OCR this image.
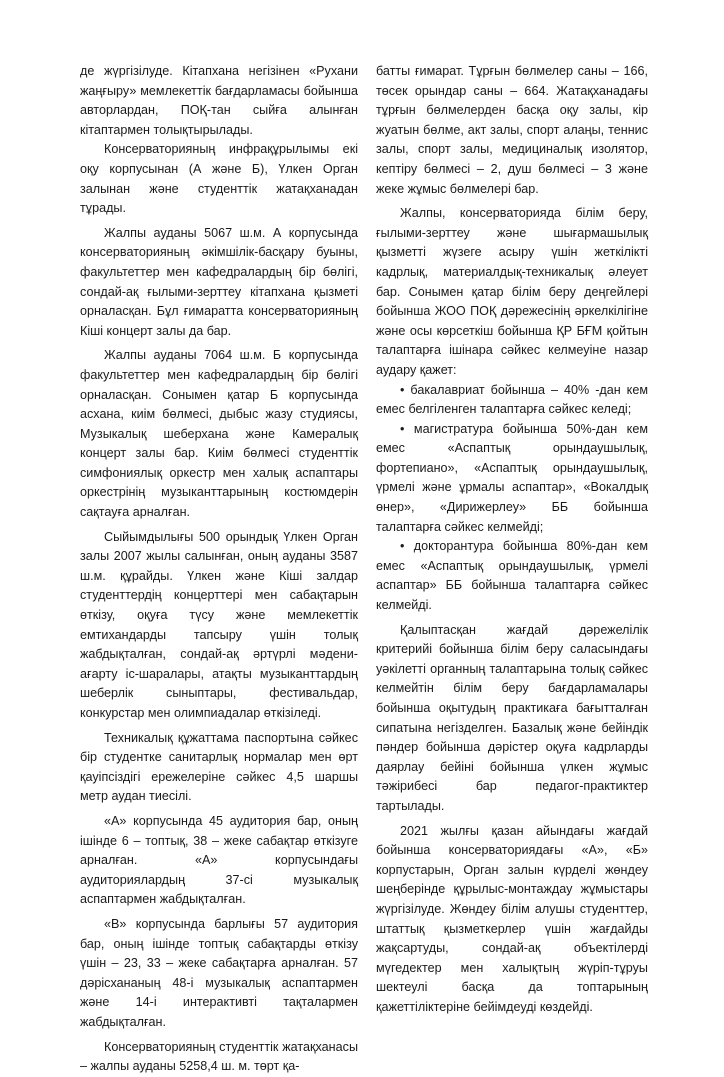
де жүргізілуде. Кітапхана негізінен «Рухани жаңғыру» мемлекеттік бағдарламасы бойынша авторлардан, ПОҚ-тан сыйға алынған кітаптармен толықтырылады.

Консерваторияның инфрақұрылымы екі оқу корпусынан (А және Б), Үлкен Орган залынан және студенттік жатақханадан тұрады.

Жалпы ауданы 5067 ш.м. А корпусында консерваторияның әкімшілік-басқару буыны, факультеттер мен кафедралардың бір бөлігі, сондай-ақ ғылыми-зерттеу кітапхана қызметі орналасқан. Бұл ғимаратта консерваторияның Кіші концерт залы да бар.

Жалпы ауданы 7064 ш.м. Б корпусында факультеттер мен кафедралардың бір бөлігі орналасқан. Сонымен қатар Б корпусында асхана, киім бөлмесі, дыбыс жазу студиясы, Музыкалық шеберхана және Камералық концерт залы бар. Киім бөлмесі студенттік симфониялық оркестр мен халық аспаптары оркестрінің музыканттарының костюмдерін сақтауға арналған.

Сыйымдылығы 500 орындық Үлкен Орган залы 2007 жылы салынған, оның ауданы 3587 ш.м. құрайды. Үлкен және Кіші залдар студенттердің концерттері мен сабақтарын өткізу, оқуға түсу және мемлекеттік емтихандарды тапсыру үшін толық жабдықталған, сондай-ақ әртүрлі мәдени-ағарту іс-шаралары, атақты музыканттардың шеберлік сыныптары, фестивальдар, конкурстар мен олимпиадалар өткізіледі.

Техникалық құжаттама паспортына сәйкес бір студентке санитарлық нормалар мен өрт қауіпсіздігі ережелеріне сәйкес 4,5 шаршы метр аудан тиесілі.

«А» корпусында 45 аудитория бар, оның ішінде 6 – топтық, 38 – жеке сабақтар өткізуге арналған. «А» корпусындағы аудиториялардың 37-сі музыкалық аспаптармен жабдықталған.

«В» корпусында барлығы 57 аудитория бар, оның ішінде топтық сабақтарды өткізу үшін – 23, 33 – жеке сабақтарға арналған. 57 дәрісхананың 48-і музыкалық аспаптармен және 14-і интерактивті тақталармен жабдықталған.

Консерваторияның студенттік жатақханасы – жалпы ауданы 5258,4 ш. м. төрт қа-

батты ғимарат. Тұрғын бөлмелер саны – 166, төсек орындар саны – 664. Жатақханадағы тұрғын бөлмелерден басқа оқу залы, кір жуатын бөлме, акт залы, спорт алаңы, теннис залы, спорт залы, медициналық изолятор, кептіру бөлмесі – 2, душ бөлмесі – 3 және жеке жұмыс бөлмелері бар.

Жалпы, консерваторияда білім беру, ғылыми-зерттеу және шығармашылық қызметті жүзеге асыру үшін жеткілікті кадрлық, материалдық-техникалық әлеует бар. Сонымен қатар білім беру деңгейлері бойынша ЖОО ПОҚ дәрежесінің әркелкілігіне және осы көрсеткіш бойынша ҚР БҒМ қойтын талаптарға ішінара сәйкес келмеуіне назар аудару қажет:

• бакалавриат бойынша – 40% -дан кем емес белгіленген талаптарға сәйкес келеді;

• магистратура бойынша 50%-дан кем емес «Аспаптық орындаушылық, фортепиано», «Аспаптық орындаушылық, үрмелі және ұрмалы аспаптар», «Вокалдық өнер», «Дирижерлеу» ББ бойынша талаптарға сәйкес келмейді;

• докторантура бойынша 80%-дан кем емес «Аспаптық орындаушылық, үрмелі аспаптар» ББ бойынша талаптарға сәйкес келмейді.

Қалыптасқан жағдай дәрежелілік критерийі бойынша білім беру саласындағы уәкілетті органның талаптарына толық сәйкес келмейтін білім беру бағдарламалары бойынша оқытудың практикаға бағытталған сипатына негізделген. Базалық және бейіндік пәндер бойынша дәрістер оқуға кадрларды даярлау бейіні бойынша үлкен жұмыс тәжірибесі бар педагог-практиктер тартылады.

2021 жылғы қазан айындағы жағдай бойынша консерваториядағы «А», «Б» корпустарын, Орган залын күрделі жөндеу шеңберінде құрылыс-монтаждау жұмыстары жүргізілуде. Жөндеу білім алушы студенттер, штаттық қызметкерлер үшін жағдайды жақсартуды, сондай-ақ объектілерді мүгедектер мен халықтың жүріп-тұруы шектеулі басқа да топтарының қажеттіліктеріне бейімдеуді көздейді.
